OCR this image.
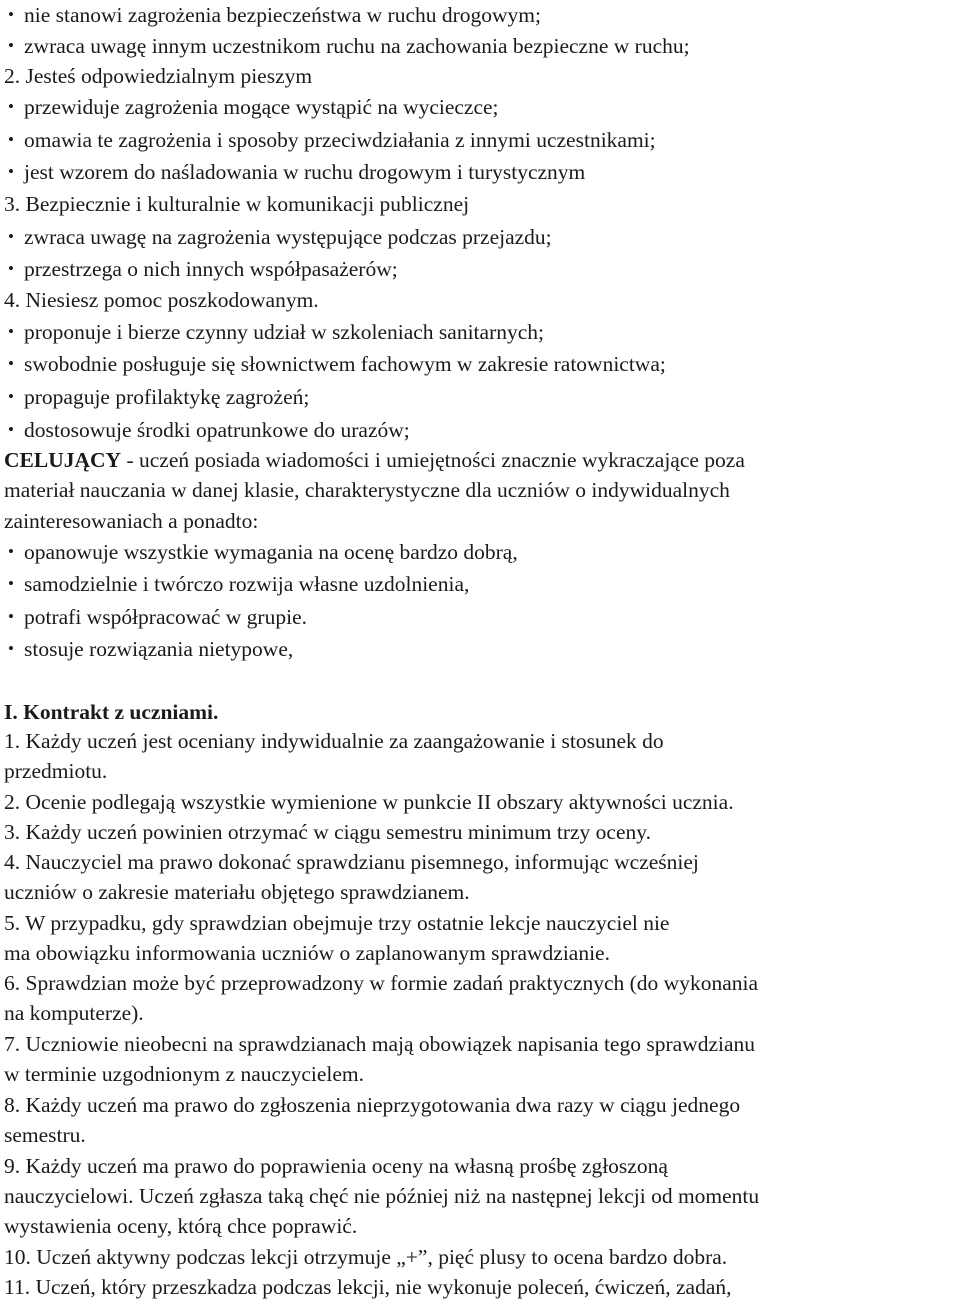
• nie stanowi zagrożenia bezpieczeństwa w ruchu drogowym;
• zwraca uwagę innym uczestnikom ruchu na zachowania bezpieczne w ruchu;
2. Jesteś odpowiedzialnym pieszym
• przewiduje zagrożenia mogące wystąpić na wycieczce;
• omawia te zagrożenia i sposoby przeciwdziałania z innymi uczestnikami;
• jest wzorem do naśladowania w ruchu drogowym i turystycznym
3. Bezpiecznie i kulturalnie w komunikacji publicznej
• zwraca uwagę na zagrożenia występujące podczas przejazdu;
• przestrzega o nich innych współpasażerów;
4. Niesiesz pomoc poszkodowanym.
• proponuje i bierze czynny udział w szkoleniach sanitarnych;
• swobodnie posługuje się słownictwem fachowym w zakresie ratownictwa;
• propaguje profilaktykę zagrożeń;
• dostosowuje środki opatrunkowe do urazów;
CELUJĄCY - uczeń posiada wiadomości i umiejętności znacznie wykraczające poza
materiał nauczania w danej klasie, charakterystyczne dla uczniów o indywidualnych
zainteresowaniach a ponadto:
• opanowuje wszystkie wymagania na ocenę bardzo dobrą,
• samodzielnie i twórczo rozwija własne uzdolnienia,
• potrafi współpracować w grupie.
• stosuje rozwiązania nietypowe,
I. Kontrakt z uczniami.
1. Każdy uczeń jest oceniany indywidualnie za zaangażowanie i stosunek do
przedmiotu.
2. Ocenie podlegają wszystkie wymienione w punkcie II obszary aktywności ucznia.
3. Każdy uczeń powinien otrzymać w ciągu semestru minimum trzy oceny.
4. Nauczyciel ma prawo dokonać sprawdzianu pisemnego, informując wcześniej
uczniów o zakresie materiału objętego sprawdzianem.
5. W przypadku, gdy sprawdzian obejmuje trzy ostatnie lekcje nauczyciel nie
ma obowiązku informowania uczniów o zaplanowanym sprawdzianie.
6. Sprawdzian może być przeprowadzony w formie zadań praktycznych (do wykonania
na komputerze).
7. Uczniowie nieobecni na sprawdzianach mają obowiązek napisania tego sprawdzianu
w terminie uzgodnionym z nauczycielem.
8. Każdy uczeń ma prawo do zgłoszenia nieprzygotowania dwa razy w ciągu jednego
semestru.
9. Każdy uczeń ma prawo do poprawienia oceny na własną prośbę zgłoszoną
nauczycielowi. Uczeń zgłasza taką chęć nie później niż na następnej lekcji od momentu
wystawienia oceny, którą chce poprawić.
10. Uczeń aktywny podczas lekcji otrzymuje „+”, pięć plusy to ocena bardzo dobra.
11. Uczeń, który przeszkadza podczas lekcji, nie wykonuje poleceń, ćwiczeń, zadań,
